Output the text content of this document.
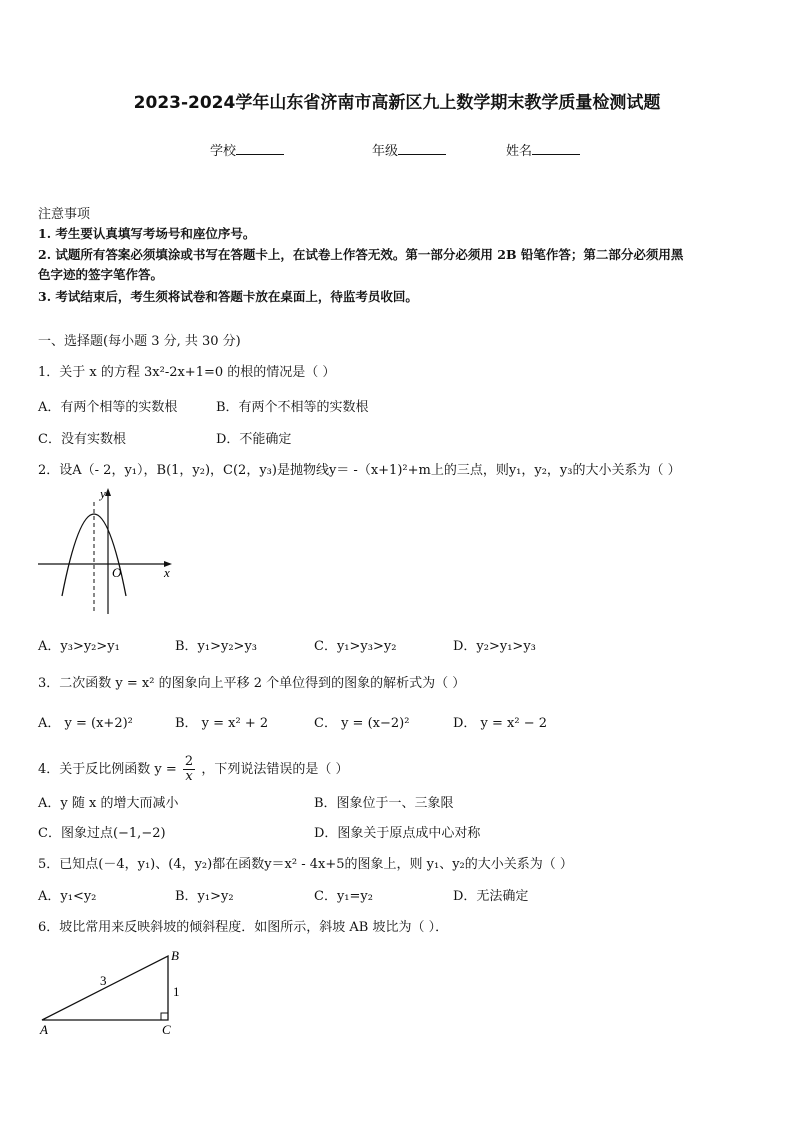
2023-2024学年山东省济南市高新区九上数学期末教学质量检测试题
学校	年级	姓名
注意事项
1. 考生要认真填写考场号和座位序号。
2. 试题所有答案必须填涂或书写在答题卡上，在试卷上作答无效。第一部分必须用 2B 铅笔作答；第二部分必须用黑
色字迹的签字笔作答。
3. 考试结束后，考生须将试卷和答题卡放在桌面上，待监考员收回。
一、选择题(每小题 3 分, 共 30 分)
1．关于 x 的方程 3x²-2x+1=0 的根的情况是（ ）
A．有两个相等的实数根	B．有两个不相等的实数根
C．没有实数根	D．不能确定
2．设A（- 2，y₁），B(1，y₂)，C(2，y₃)是抛物线y＝ -（x+1)²+m上的三点，则y₁，y₂，y₃的大小关系为（ ）
y
x
O
A．y₃>y₂>y₁	B．y₁>y₂>y₃	C．y₁>y₃>y₂	D．y₂>y₁>y₃
3．二次函数 y = x² 的图象向上平移 2 个单位得到的图象的解析式为（ ）
A． y = (x+2)²	B． y = x² + 2	C． y = (x−2)²	D． y = x² − 2
4．关于反比例函数 $y = \frac{2}{x}$ ，下列说法错误的是（ ）
A．y 随 x 的增大而减小	B．图象位于一、三象限
C．图象过点(−1,−2)	D．图象关于原点成中心对称
5．已知点(－4，y₁)、(4，y₂)都在函数y＝x² - 4x+5的图象上，则 y₁、y₂的大小关系为（ ）
A．y₁<y₂	B．y₁>y₂	C．y₁=y₂	D．无法确定
6．坡比常用来反映斜坡的倾斜程度．如图所示，斜坡 AB 坡比为（ ）．
A
B
C
3
1
